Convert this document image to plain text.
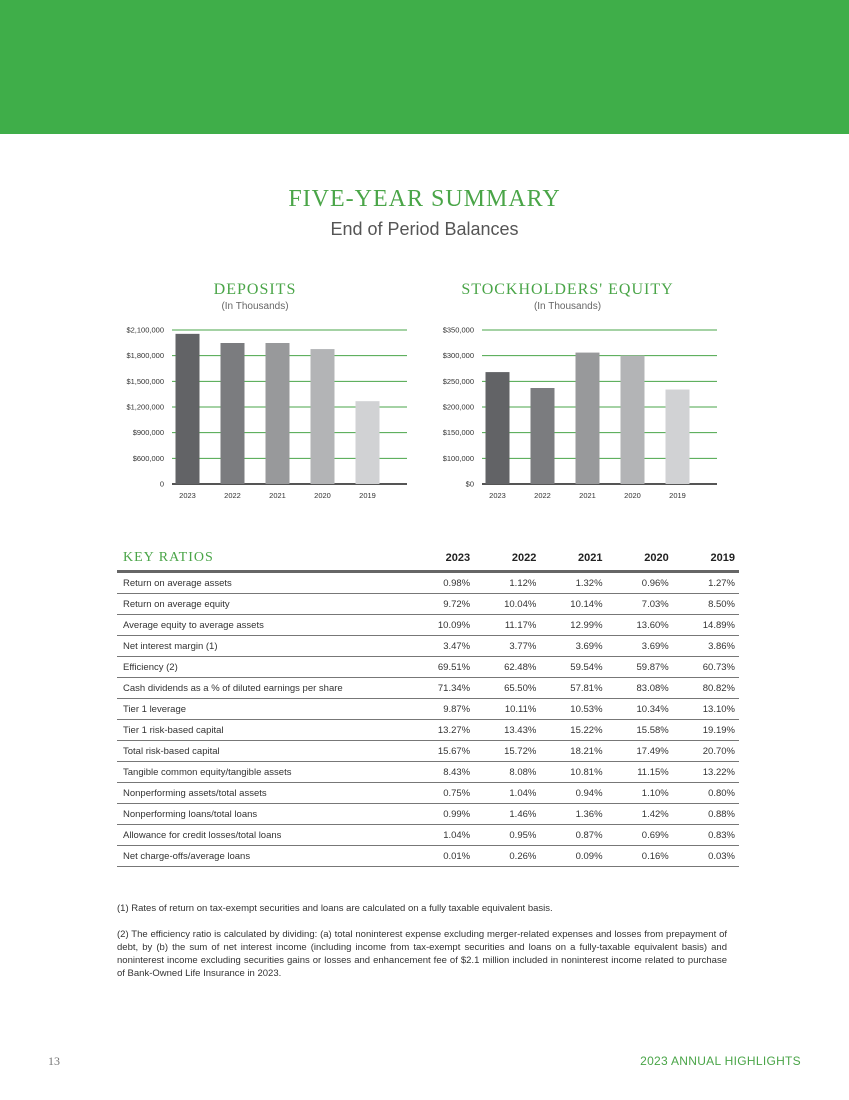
FIVE-YEAR SUMMARY
End of Period Balances
DEPOSITS
(In Thousands)
0
$600,000
$900,000
$1,200,000
$1,500,000
$1,800,000
$2,100,000
2023	2022	2021	2020	2019
STOCKHOLDERS' EQUITY
(In Thousands)
$0
$100,000
$150,000
$200,000
$250,000
$300,000
$350,000
2023	2022	2021	2020	2019
KEY RATIOS	2023	2022	2021	2020	2019
Return on average assets	0.98%	1.12%	1.32%	0.96%	1.27%
Return on average equity	9.72%	10.04%	10.14%	7.03%	8.50%
Average equity to average assets	10.09%	11.17%	12.99%	13.60%	14.89%
Net interest margin (1)	3.47%	3.77%	3.69%	3.69%	3.86%
Efficiency (2)	69.51%	62.48%	59.54%	59.87%	60.73%
Cash dividends as a % of diluted earnings per share	71.34%	65.50%	57.81%	83.08%	80.82%
Tier 1 leverage	9.87%	10.11%	10.53%	10.34%	13.10%
Tier 1 risk-based capital	13.27%	13.43%	15.22%	15.58%	19.19%
Total risk-based capital	15.67%	15.72%	18.21%	17.49%	20.70%
Tangible common equity/tangible assets	8.43%	8.08%	10.81%	11.15%	13.22%
Nonperforming assets/total assets	0.75%	1.04%	0.94%	1.10%	0.80%
Nonperforming loans/total loans	0.99%	1.46%	1.36%	1.42%	0.88%
Allowance for credit losses/total loans	1.04%	0.95%	0.87%	0.69%	0.83%
Net charge-offs/average loans	0.01%	0.26%	0.09%	0.16%	0.03%
(1) Rates of return on tax-exempt securities and loans are calculated on a fully taxable equivalent basis.
(2) The efficiency ratio is calculated by dividing: (a) total noninterest expense excluding merger-related expenses and losses from prepayment of debt, by (b) the sum of net interest income (including income from tax-exempt securities and loans on a fully-taxable equivalent basis) and noninterest income excluding securities gains or losses and enhancement fee of $2.1 million included in noninterest income related to purchase of Bank-Owned Life Insurance in 2023.
13	2023 ANNUAL HIGHLIGHTS
